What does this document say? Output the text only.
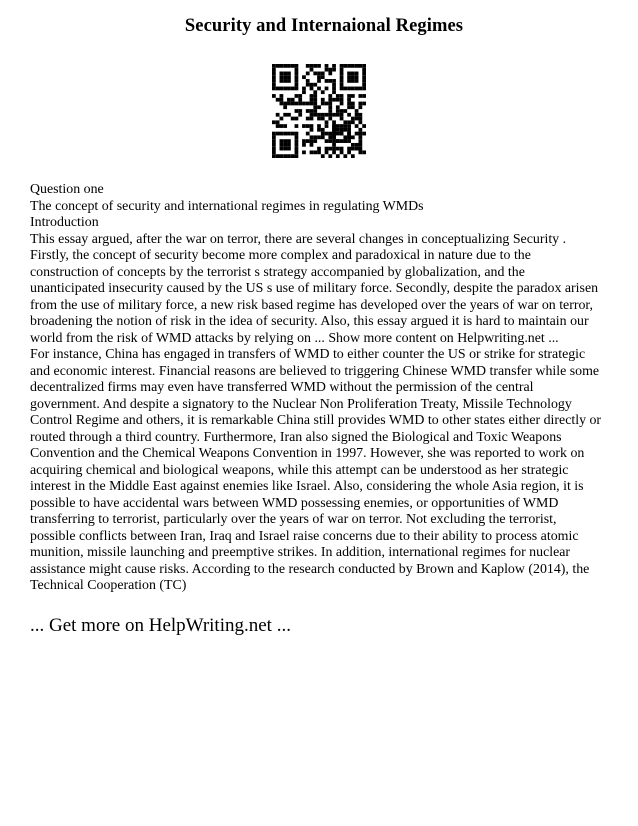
Security and Internaional Regimes
Question one
The concept of security and international regimes in regulating WMDs
Introduction
This essay argued, after the war on terror, there are several changes in conceptualizing Security .
Firstly, the concept of security become more complex and paradoxical in nature due to the
construction of concepts by the terrorist s strategy accompanied by globalization, and the
unanticipated insecurity caused by the US s use of military force. Secondly, despite the paradox arisen
from the use of military force, a new risk based regime has developed over the years of war on terror,
broadening the notion of risk in the idea of security. Also, this essay argued it is hard to maintain our
world from the risk of WMD attacks by relying on ... Show more content on Helpwriting.net ...
For instance, China has engaged in transfers of WMD to either counter the US or strike for strategic
and economic interest. Financial reasons are believed to triggering Chinese WMD transfer while some
decentralized firms may even have transferred WMD without the permission of the central
government. And despite a signatory to the Nuclear Non Proliferation Treaty, Missile Technology
Control Regime and others, it is remarkable China still provides WMD to other states either directly or
routed through a third country. Furthermore, Iran also signed the Biological and Toxic Weapons
Convention and the Chemical Weapons Convention in 1997. However, she was reported to work on
acquiring chemical and biological weapons, while this attempt can be understood as her strategic
interest in the Middle East against enemies like Israel. Also, considering the whole Asia region, it is
possible to have accidental wars between WMD possessing enemies, or opportunities of WMD
transferring to terrorist, particularly over the years of war on terror. Not excluding the terrorist,
possible conflicts between Iran, Iraq and Israel raise concerns due to their ability to process atomic
munition, missile launching and preemptive strikes. In addition, international regimes for nuclear
assistance might cause risks. According to the research conducted by Brown and Kaplow (2014), the
Technical Cooperation (TC)
... Get more on HelpWriting.net ...
